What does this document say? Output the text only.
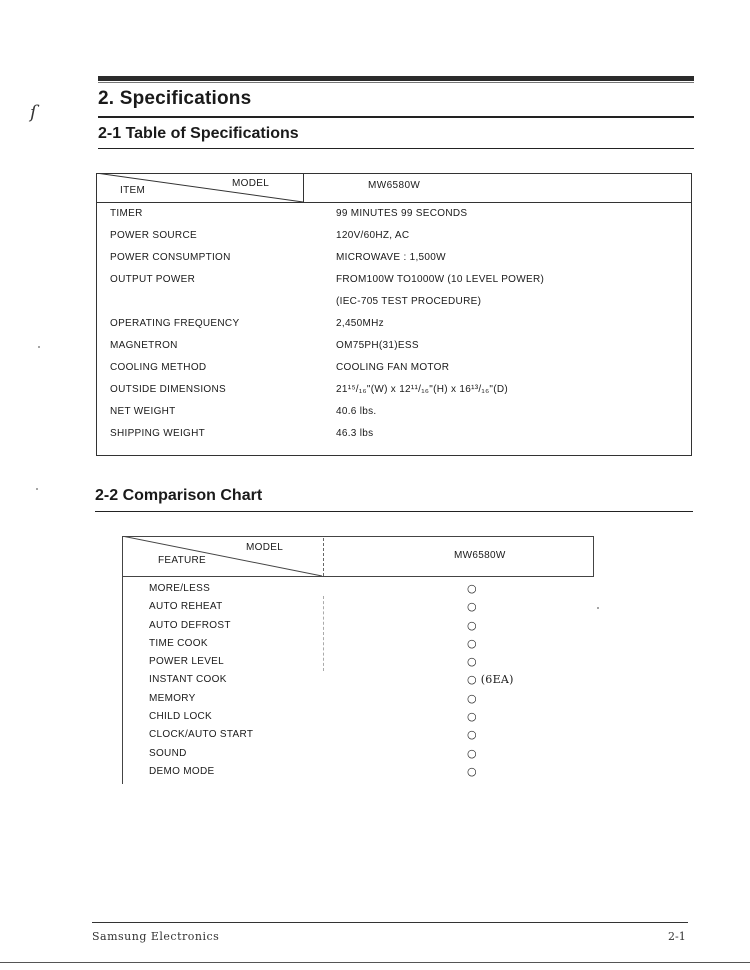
ſ
2. Specifications
2-1 Table of Specifications
MODEL
ITEM	MW6580W
TIMER	99 MINUTES 99 SECONDS
POWER SOURCE	120V/60HZ, AC
POWER CONSUMPTION	MICROWAVE : 1,500W
OUTPUT POWER	FROM100W TO1000W (10 LEVEL POWER)
(IEC-705 TEST PROCEDURE)
OPERATING FREQUENCY	2,450MHz
MAGNETRON	OM75PH(31)ESS
COOLING METHOD	COOLING FAN MOTOR
OUTSIDE DIMENSIONS	21¹⁵/₁₆"(W) x 12¹¹/₁₆"(H) x 16¹³/₁₆"(D)
NET WEIGHT	40.6 lbs.
SHIPPING WEIGHT	46.3 lbs
2-2 Comparison Chart
MODEL
FEATURE	MW6580W
MORE/LESS	○
AUTO REHEAT	○
AUTO DEFROST	○
TIME COOK	○
POWER LEVEL	○
INSTANT COOK	○ (6EA)
MEMORY	○
CHILD LOCK	○
CLOCK/AUTO START	○
SOUND	○
DEMO MODE	○
Samsung Electronics	2-1
